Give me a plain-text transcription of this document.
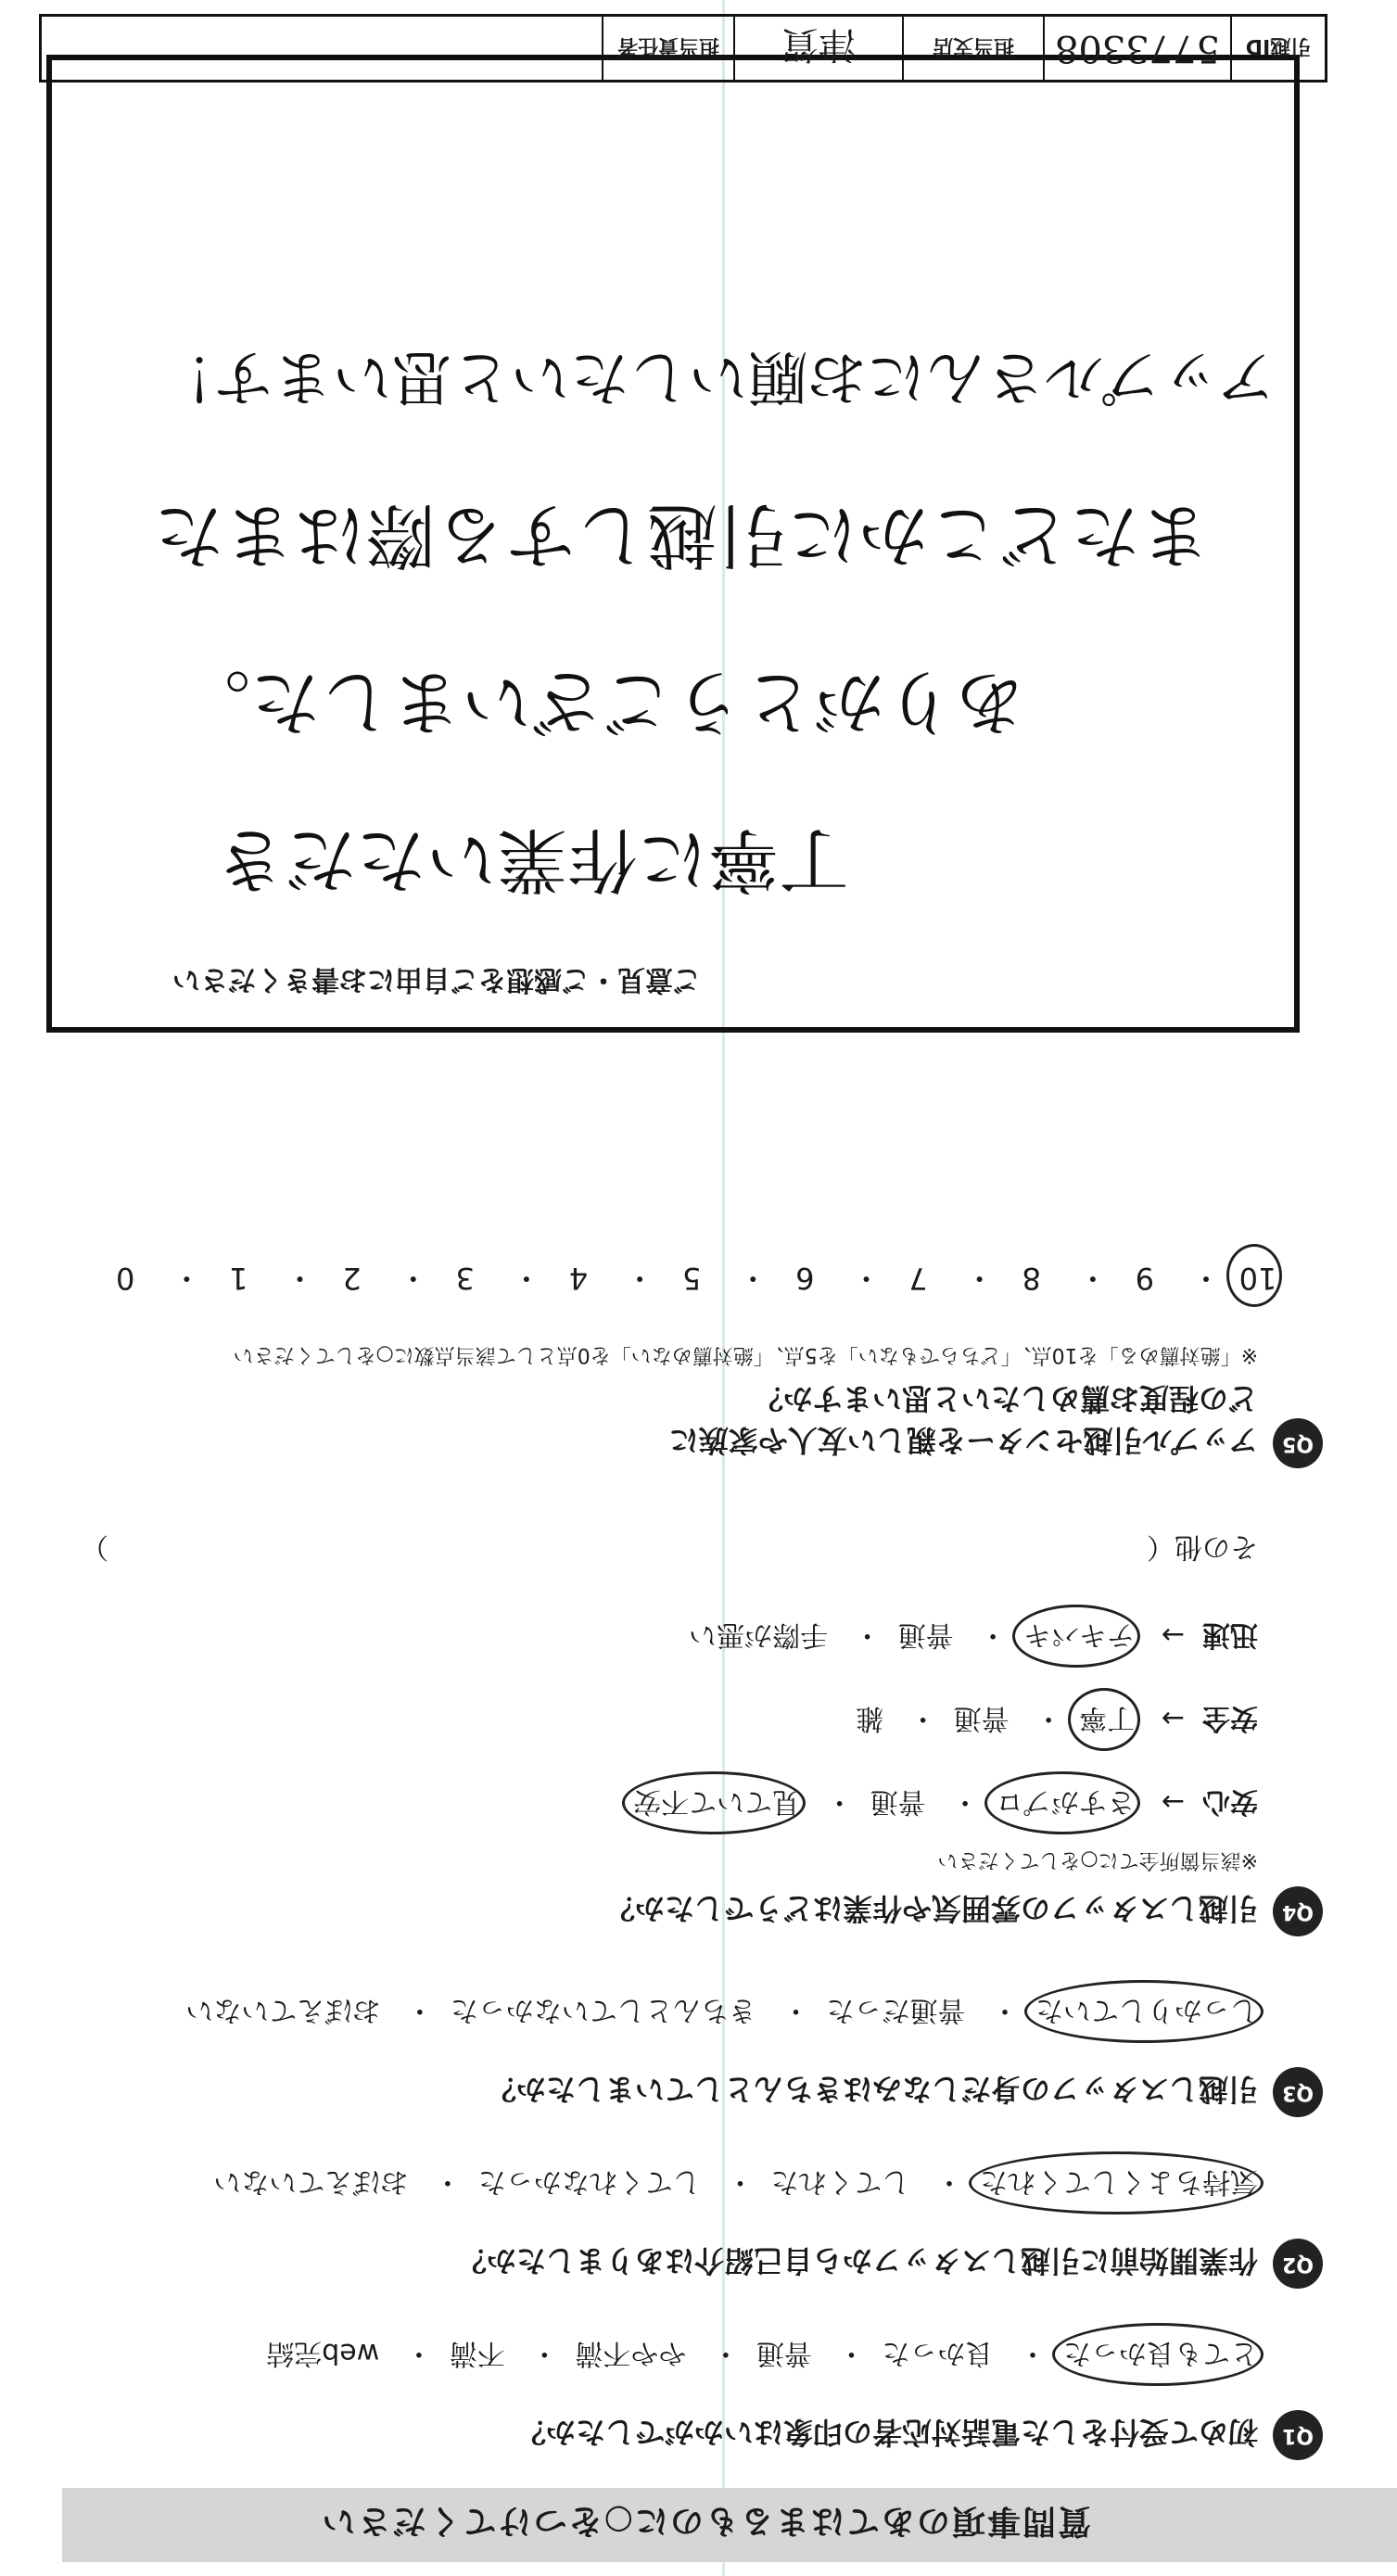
質問事項のあてはまるものに○をつけてください
Q1
初めて受付をした電話対応者の印象はいかがでしたか？
とても良かった・ 良かった・ 普通・ やや不満・ 不満・ web完結
Q2
作業開始前に引越しスタッフから自己紹介はありましたか？
気持ちよくしてくれた・ してくれた・ してくれなかった・ おぼえていない
Q3
引越しスタッフの身だしなみはきちんとしていましたか？
しっかりしていた・ 普通だった・ きちんとしていなかった・ おぼえていない
Q4
引越しスタッフの雰囲気や作業はどうでしたか？
※該当箇所全てに○をしてください
安心  →   さすがプロ・ 普通・ 見ていて不安
安全  →   丁寧・ 普通・ 雑
迅速  →   テキパキ・ 普通・ 手際が悪い
その他（
）
Q5
アップル引越センターを親しい友人や家族に
どの程度お薦めしたいと思いますか？
※「絶対薦める」を10点、「どちらでもない」を5点、「絶対薦めない」を0点として該当点数に○をしてください
10・ 9・ 8・ 7・ 6・ 5・ 4・ 3・ 2・ 1・ 0
ご意見・ご感想をご自由にお書きください
丁寧に作業いただき
ありがとうございました。
またどこかに引越しする際はまた
アップルさんにお願いしたいと思います！
引越ID
5773308
担当支店
津賀
担当責任者
